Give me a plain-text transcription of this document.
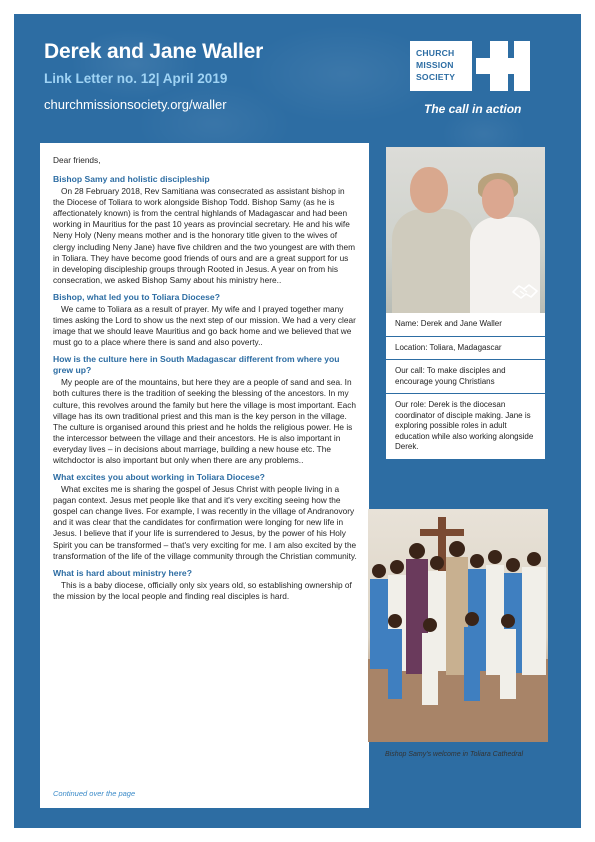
Derek and Jane Waller
Link Letter no. 12| April 2019
churchmissionsociety.org/waller
CHURCH
MISSION
SOCIETY
The call in action

Dear friends,

Bishop Samy and holistic discipleship

On 28 February 2018, Rev Samitiana was consecrated as assistant bishop in the Diocese of Toliara to work alongside Bishop Todd. Bishop Samy (as he is affectionately known) is from the central highlands of Madagascar and had been working in Mauritius for the past 10 years as provincial secretary. He and his wife Neny Holy (Neny means mother and is the honorary title given to the wives of clergy including Neny Jane) have five children and the two youngest are with them in Toliara. They have become good friends of ours and are a great support for us in developing discipleship groups through Rooted in Jesus. A year on from his consecration, we asked Bishop Samy about his ministry here..

Bishop, what led you to Toliara Diocese?

We came to Toliara as a result of prayer. My wife and I prayed together many times asking the Lord to show us the next step of our mission. We had a very clear image that we should leave Mauritius and go back home and we believed that we must go to a place where there is sand and also poverty..

How is the culture here in South Madagascar different from where you grew up?

My people are of the mountains, but here they are a people of sand and sea. In both cultures there is the tradition of seeking the blessing of the ancestors. In my culture, this revolves around the family but here the village is most important. Each village has its own traditional priest and this man is the key person in the village. The culture is organised around this priest and he holds the religious power. He is the intercessor between the village and their ancestors. He is also important in everyday lives – in decisions about marriage, building a new house etc. The witchdoctor is also important but only when there are any problems..

What excites you about working in Toliara Diocese?

What excites me is sharing the gospel of Jesus Christ with people living in a pagan context. Jesus met people like that and it's very exciting seeing how the gospel can change lives. For example, I was recently in the village of Andranovory and it was clear that the candidates for confirmation were longing for new life in Jesus. I believe that if your life is surrendered to Jesus, by the power of his Holy Spirit you can be transformed – that's very exciting for me. I am also excited by the transformation of the life of the village community through the Christian community.

What is hard about ministry here?

This is a baby diocese, officially only six years old, so establishing ownership of the mission by the local people and finding real disciples is hard.

Continued over the page
Name: Derek and Jane Waller
Location: Toliara, Madagascar
Our call: To make disciples and encourage young Christians
Our role: Derek is the diocesan coordinator of disciple making. Jane is exploring possible roles in adult education while also working alongside Derek.
Bishop Samy's welcome in Toliara Cathedral
